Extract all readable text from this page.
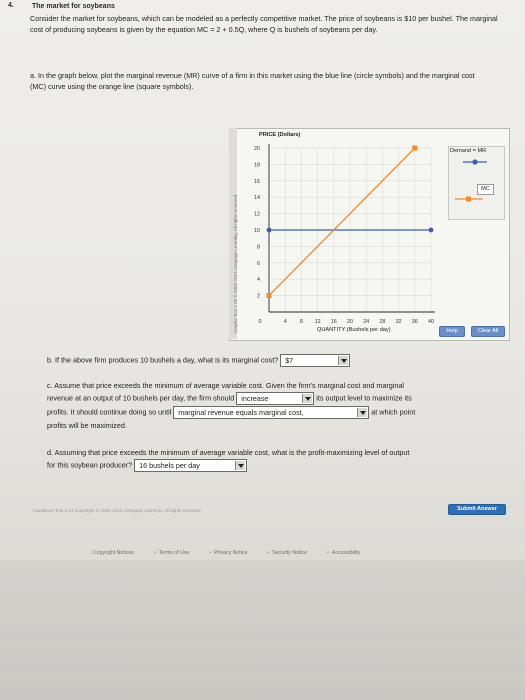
4.	The market for soybeans

Consider the market for soybeans, which can be modeled as a perfectly competitive market. The price of soybeans is $10 per bushel. The marginal cost of producing soybeans is given by the equation MC = 2 + 0.5Q, where Q is bushels of soybeans per day.

a. In the graph below, plot the marginal revenue (MR) curve of a firm in this market using the blue line (circle symbols) and the marginal cost (MC) curve using the orange line (square symbols).

Graphs Tool 1.55 © 2002-2013 Cengage Learning. All rights reserved
PRICE (Dollars)
QUANTITY (Bushels per day)
2
4
6
8
10
12
14
16
18
20
0	4 8 12 16 20 24 28 32 36 40
Demand = MR
MC
Help	Clear All
b. If the above firm produces 10 bushels a day, what is its marginal cost? $7

c. Assume that price exceeds the minimum of average variable cost. Given the firm's marginal cost and marginal

revenue at an output of 10 bushels per day, the firm should increase	its output level to maximize its

profits. It should continue doing so until marginal revenue equals marginal cost,	at which point

profits will be maximized.

d. Assuming that price exceeds the minimum of average variable cost, what is the profit-maximizing level of output

for this soybean producer? 16 bushels per day

Questions Tool 1.24 Copyright © 2002-2013 Cengage Learning. All rights reserved	Submit Answer
Copyright Notices	• Terms of Use	• Privacy Notice	• Security Notice	• Accessibility
